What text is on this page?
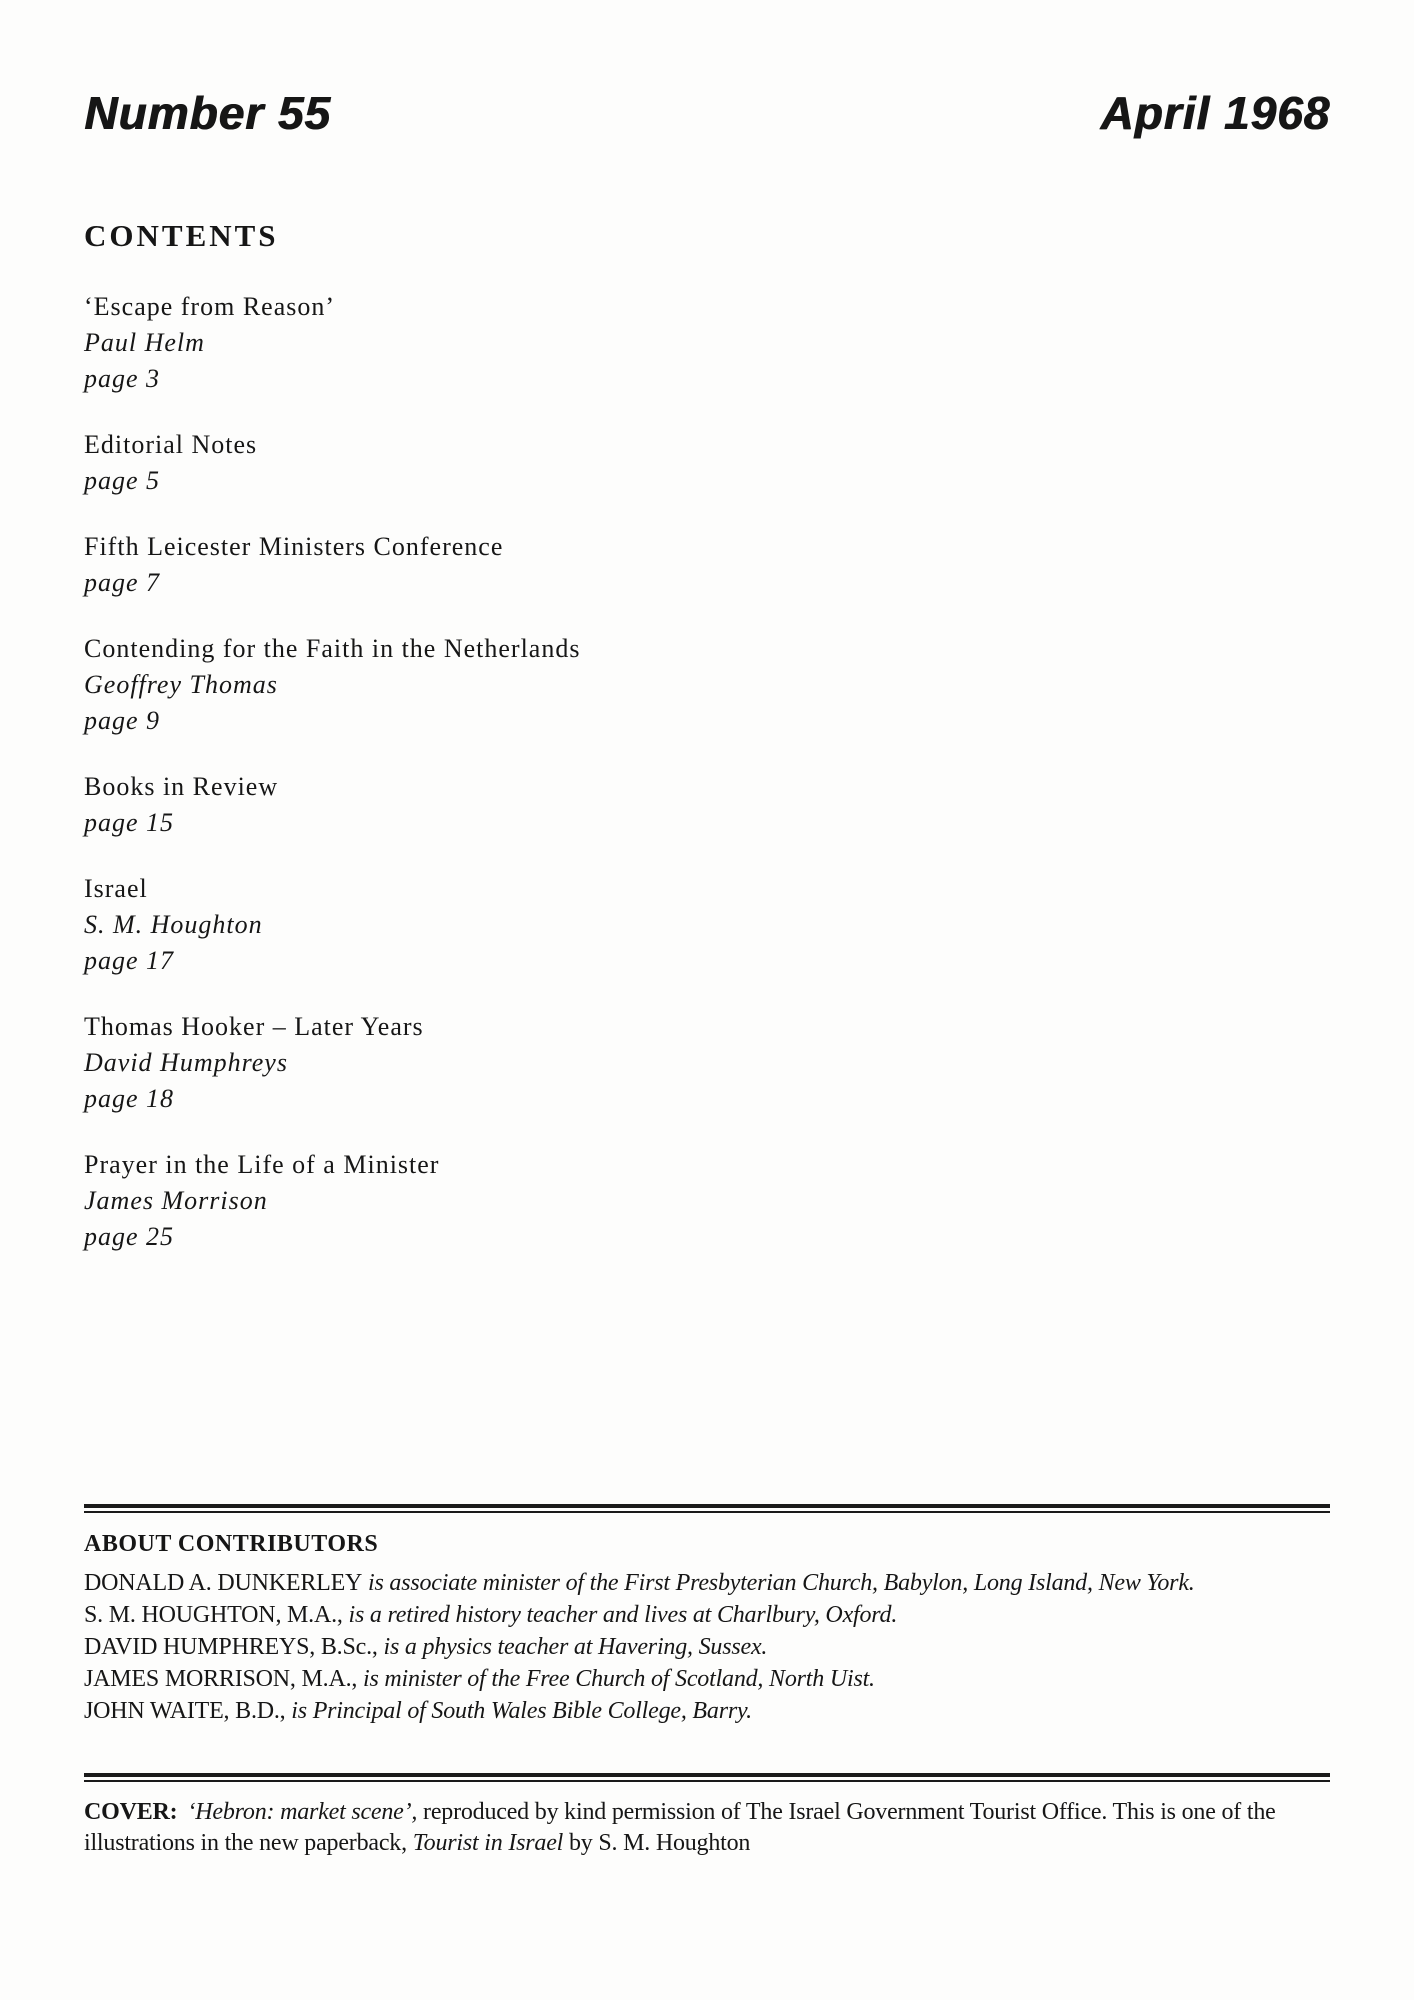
Number 55	April 1968
CONTENTS
‘Escape from Reason’
Paul Helm
page 3
Editorial Notes
page 5
Fifth Leicester Ministers Conference
page 7
Contending for the Faith in the Netherlands
Geoffrey Thomas
page 9
Books in Review
page 15
Israel
S. M. Houghton
page 17
Thomas Hooker – Later Years
David Humphreys
page 18
Prayer in the Life of a Minister
James Morrison
page 25
ABOUT CONTRIBUTORS

DONALD A. DUNKERLEY is associate minister of the First Presbyterian Church, Babylon, Long Island, New York.

S. M. HOUGHTON, M.A., is a retired history teacher and lives at Charlbury, Oxford.

DAVID HUMPHREYS, B.Sc., is a physics teacher at Havering, Sussex.

JAMES MORRISON, M.A., is minister of the Free Church of Scotland, North Uist.

JOHN WAITE, B.D., is Principal of South Wales Bible College, Barry.

COVER: ‘Hebron: market scene’, reproduced by kind permission of The Israel Government Tourist Office. This is one of the illustrations in the new paperback, Tourist in Israel by S. M. Houghton
